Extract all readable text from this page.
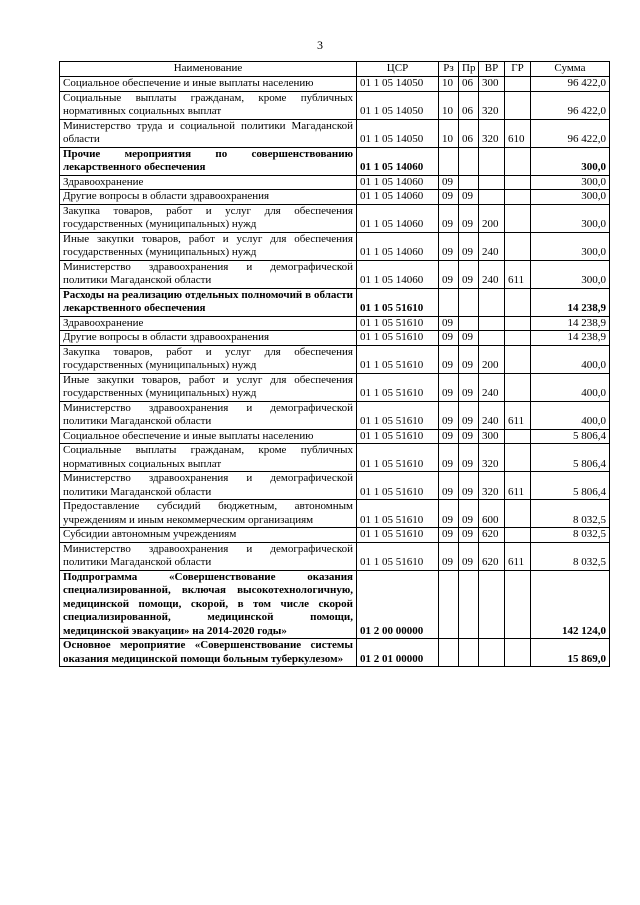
3
Наименование	ЦСР	Рз	Пр	ВР	ГР	Сумма
Социальное обеспечение и иные выплаты населению	01 1 05 14050	10	06	300		96 422,0
Социальные выплаты гражданам, кроме публичных нормативных социальных выплат	01 1 05 14050	10	06	320		96 422,0
Министерство труда и социальной политики Магаданской области	01 1 05 14050	10	06	320	610	96 422,0
Прочие мероприятия по совершенствованию лекарственного обеспечения	01 1 05 14060					300,0
Здравоохранение	01 1 05 14060	09				300,0
Другие вопросы в области здравоохранения	01 1 05 14060	09	09			300,0
Закупка товаров, работ и услуг для обеспечения государственных (муниципальных) нужд	01 1 05 14060	09	09	200		300,0
Иные закупки товаров, работ и услуг для обеспечения государственных (муниципальных) нужд	01 1 05 14060	09	09	240		300,0
Министерство здравоохранения и демографической политики Магаданской области	01 1 05 14060	09	09	240	611	300,0
Расходы на реализацию отдельных полномочий в области лекарственного обеспечения	01 1 05 51610					14 238,9
Здравоохранение	01 1 05 51610	09				14 238,9
Другие вопросы в области здравоохранения	01 1 05 51610	09	09			14 238,9
Закупка товаров, работ и услуг для обеспечения государственных (муниципальных) нужд	01 1 05 51610	09	09	200		400,0
Иные закупки товаров, работ и услуг для обеспечения государственных (муниципальных) нужд	01 1 05 51610	09	09	240		400,0
Министерство здравоохранения и демографической политики Магаданской области	01 1 05 51610	09	09	240	611	400,0
Социальное обеспечение и иные выплаты населению	01 1 05 51610	09	09	300		5 806,4
Социальные выплаты гражданам, кроме публичных нормативных социальных выплат	01 1 05 51610	09	09	320		5 806,4
Министерство здравоохранения и демографической политики Магаданской области	01 1 05 51610	09	09	320	611	5 806,4
Предоставление субсидий бюджетным, автономным учреждениям и иным некоммерческим организациям	01 1 05 51610	09	09	600		8 032,5
Субсидии автономным учреждениям	01 1 05 51610	09	09	620		8 032,5
Министерство здравоохранения и демографической политики Магаданской области	01 1 05 51610	09	09	620	611	8 032,5
Подпрограмма «Совершенствование оказания специализированной, включая высокотехнологичную, медицинской помощи, скорой, в том числе скорой специализированной, медицинской помощи, медицинской эвакуации» на 2014-2020 годы»	01 2 00 00000					142 124,0
Основное мероприятие «Совершенствование системы оказания медицинской помощи больным туберкулезом»	01 2 01 00000					15 869,0
